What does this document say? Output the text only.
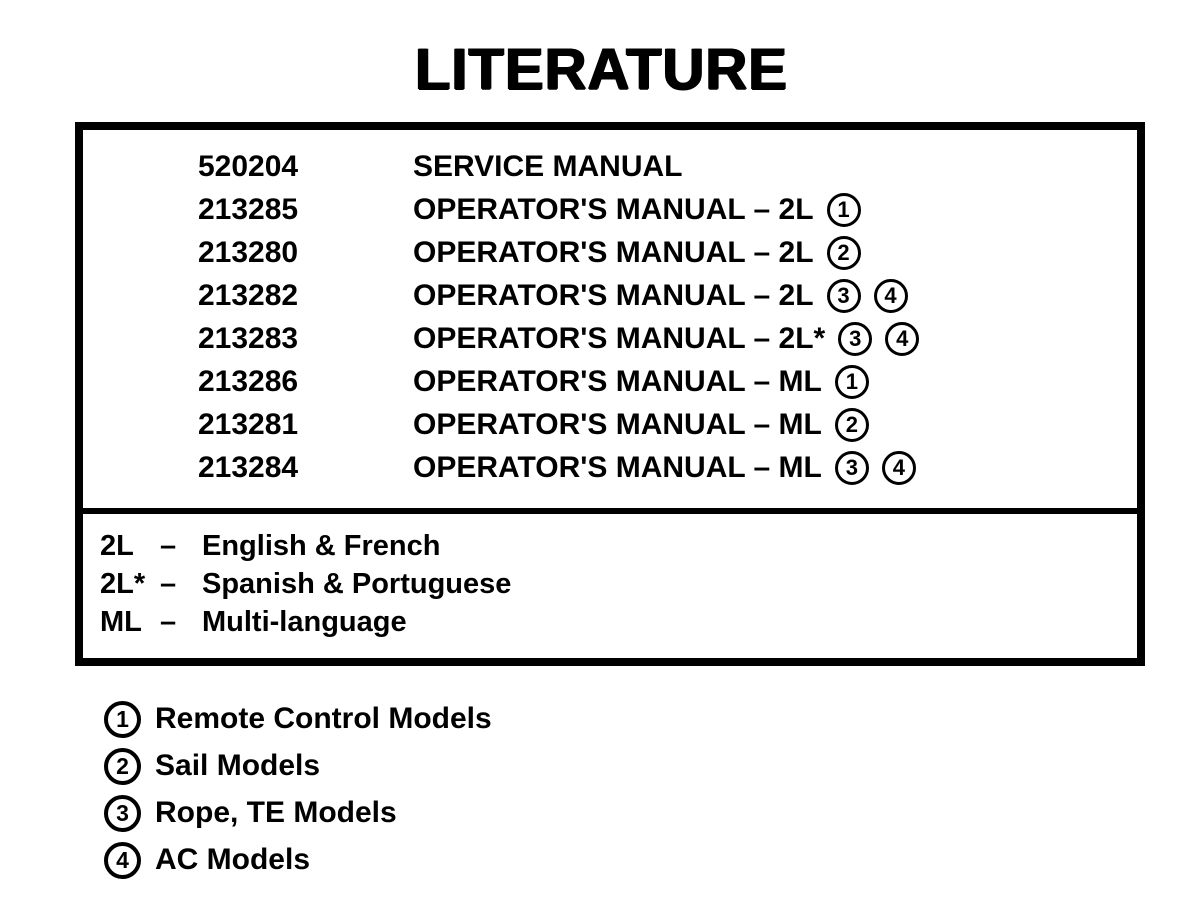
LITERATURE
520204	SERVICE MANUAL
213285	OPERATOR'S MANUAL – 2L	1
213280	OPERATOR'S MANUAL – 2L	2
213282	OPERATOR'S MANUAL – 2L	3	4
213283	OPERATOR'S MANUAL – 2L*	3	4
213286	OPERATOR'S MANUAL – ML	1
213281	OPERATOR'S MANUAL – ML	2
213284	OPERATOR'S MANUAL – ML	3	4
2L – English & French
2L* – Spanish & Portuguese
ML – Multi-language
1 Remote Control Models
2 Sail Models
3 Rope, TE Models
4 AC Models
